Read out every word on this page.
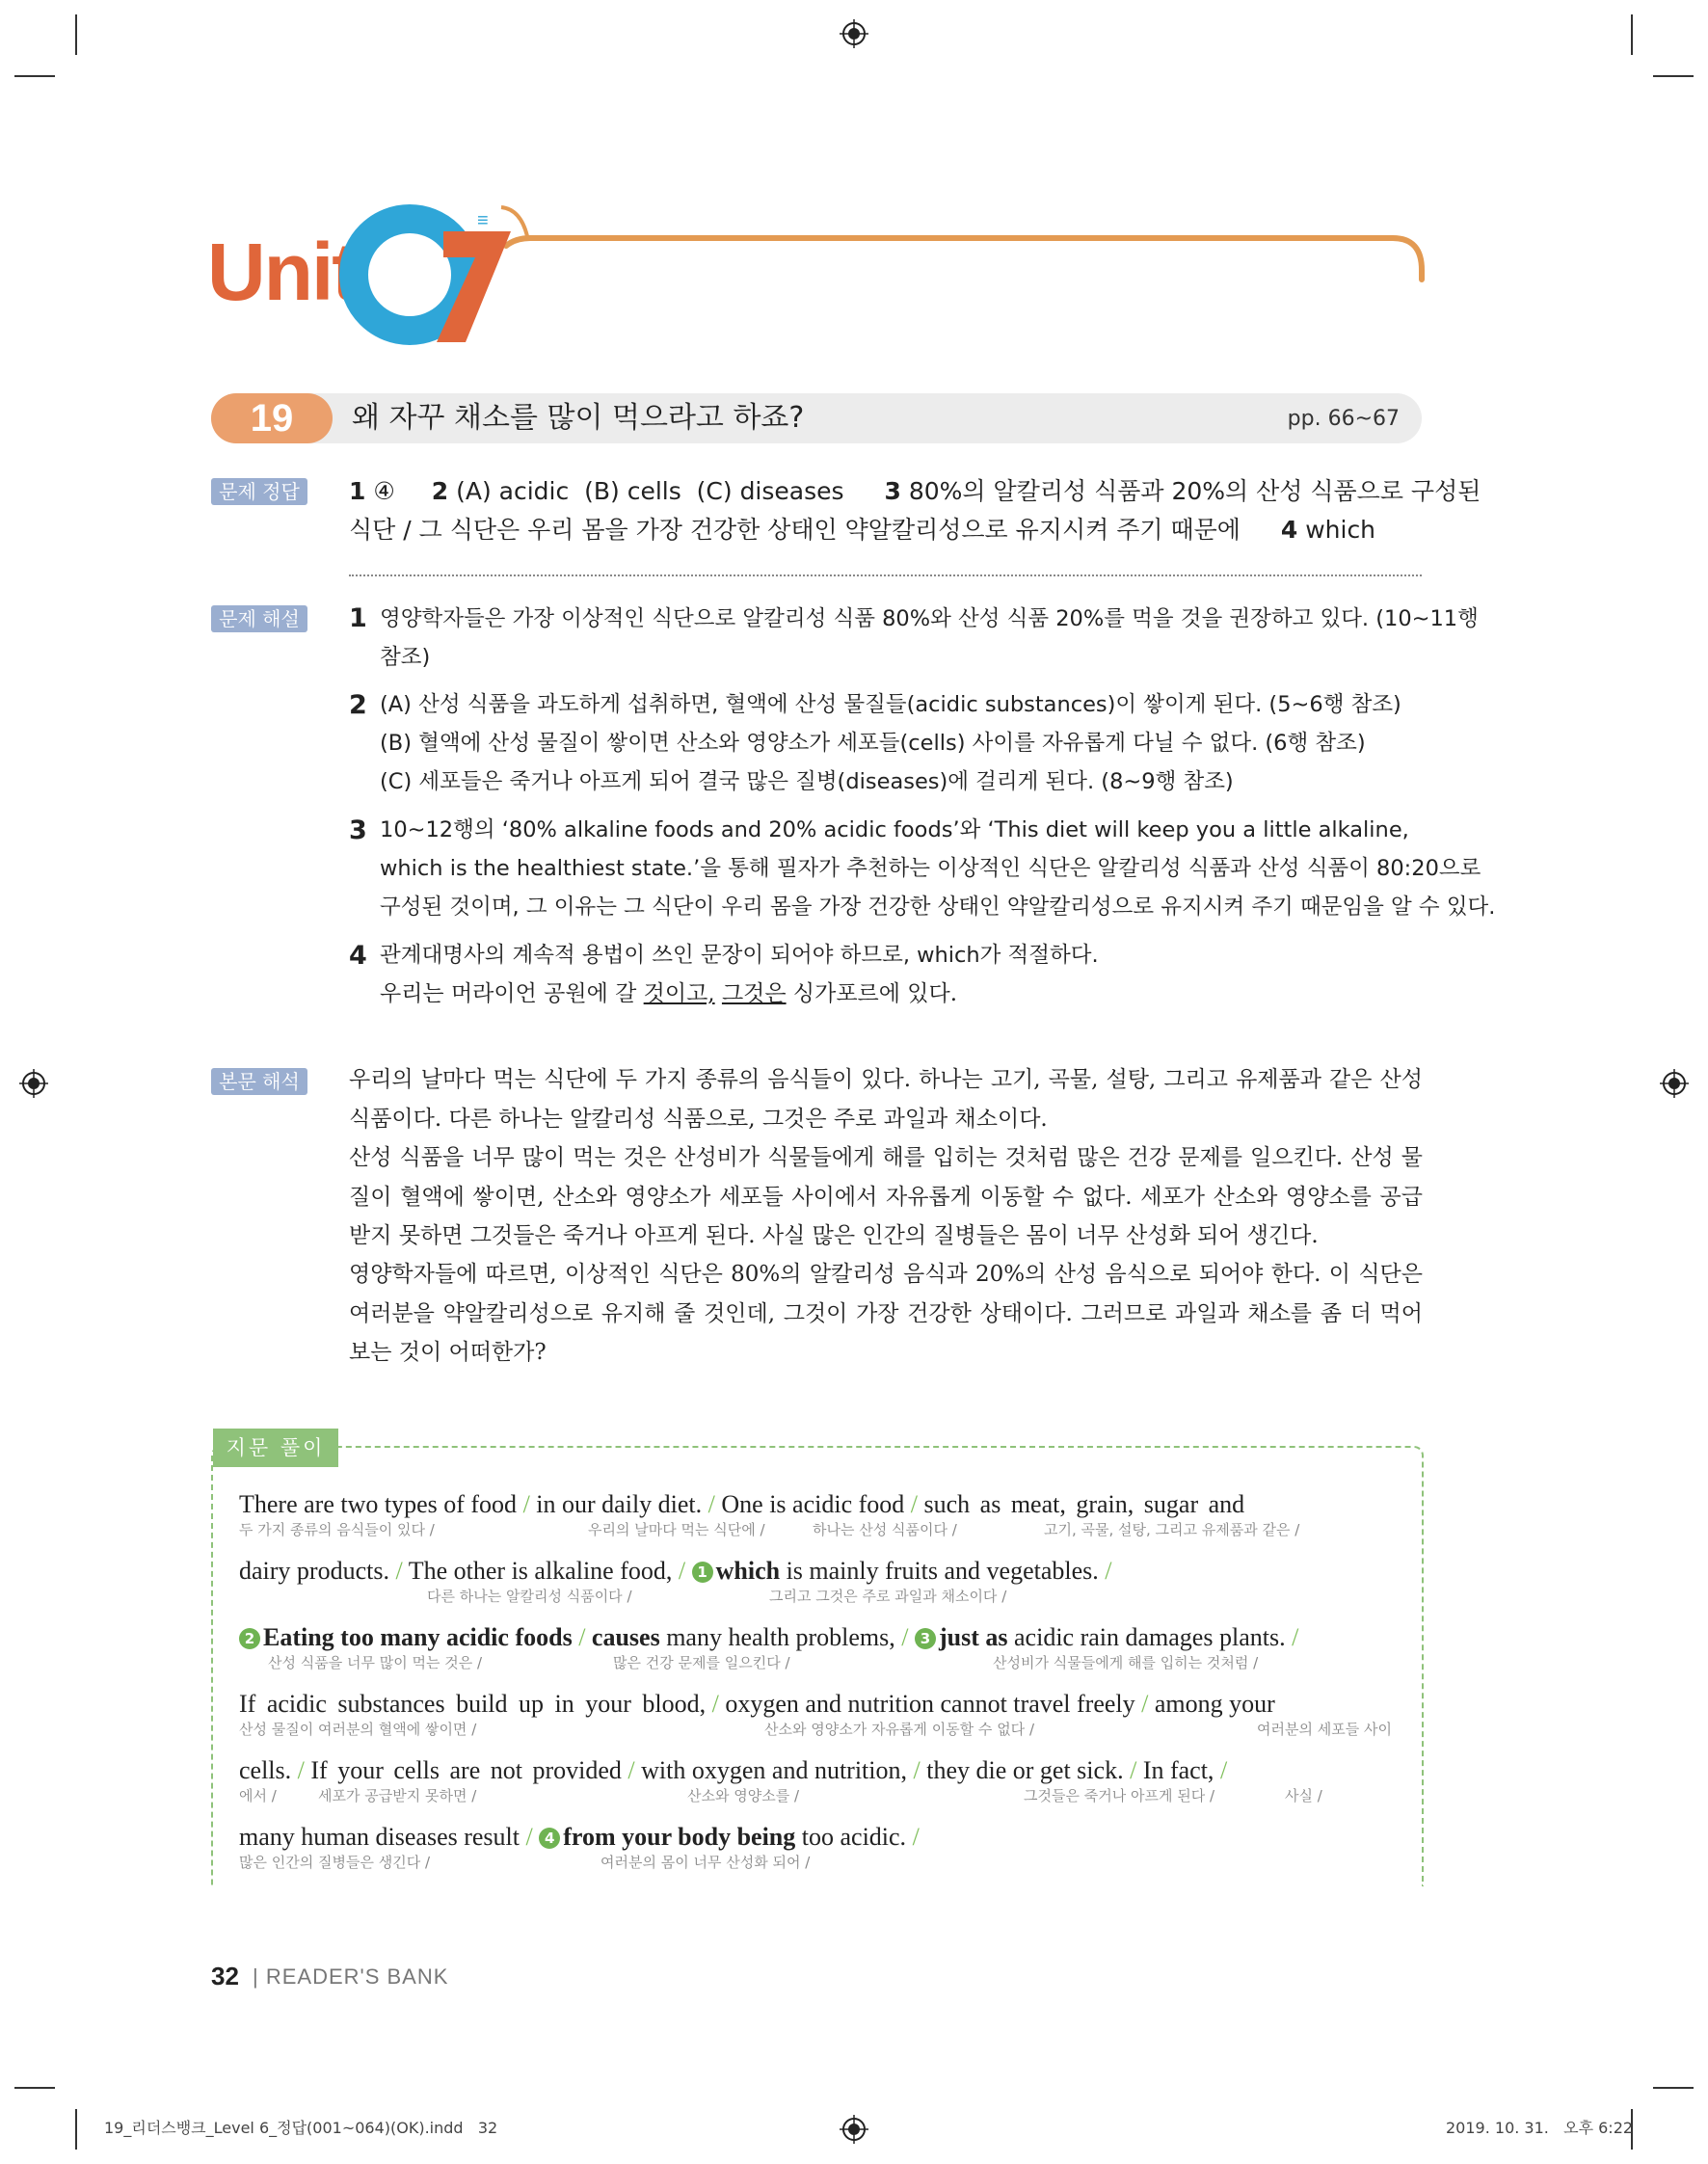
Unit
≡
19	왜 자꾸 채소를 많이 먹으라고 하죠?	pp. 66~67
문제 정답	1 ④ 2 (A) acidic  (B) cells  (C) diseases 3 80%의 알칼리성 식품과 20%의 산성 식품으로 구성된
식단 / 그 식단은 우리 몸을 가장 건강한 상태인 약알칼리성으로 유지시켜 주기 때문에 4 which
문제 해설	1 영양학자들은 가장 이상적인 식단으로 알칼리성 식품 80%와 산성 식품 20%를 먹을 것을 권장하고 있다. (10~11행
참조)
2 (A) 산성 식품을 과도하게 섭취하면, 혈액에 산성 물질들(acidic substances)이 쌓이게 된다. (5~6행 참조)
(B) 혈액에 산성 물질이 쌓이면 산소와 영양소가 세포들(cells) 사이를 자유롭게 다닐 수 없다. (6행 참조)
(C) 세포들은 죽거나 아프게 되어 결국 많은 질병(diseases)에 걸리게 된다. (8~9행 참조)
3 10~12행의 ‘80% alkaline foods and 20% acidic foods’와 ‘This diet will keep you a little alkaline,
which is the healthiest state.’을 통해 필자가 추천하는 이상적인 식단은 알칼리성 식품과 산성 식품이 80:20으로
구성된 것이며, 그 이유는 그 식단이 우리 몸을 가장 건강한 상태인 약알칼리성으로 유지시켜 주기 때문임을 알 수 있다.
4 관계대명사의 계속적 용법이 쓰인 문장이 되어야 하므로, which가 적절하다.
우리는 머라이언 공원에 갈 것이고, 그것은 싱가포르에 있다.
본문 해석	우리의 날마다 먹는 식단에 두 가지 종류의 음식들이 있다. 하나는 고기, 곡물, 설탕, 그리고 유제품과 같은 산성 식품이다. 다른 하나는 알칼리성 식품으로, 그것은 주로 과일과 채소이다.
산성 식품을 너무 많이 먹는 것은 산성비가 식물들에게 해를 입히는 것처럼 많은 건강 문제를 일으킨다. 산성 물질이 혈액에 쌓이면, 산소와 영양소가 세포들 사이에서 자유롭게 이동할 수 없다. 세포가 산소와 영양소를 공급받지 못하면 그것들은 죽거나 아프게 된다. 사실 많은 인간의 질병들은 몸이 너무 산성화 되어 생긴다.
영양학자들에 따르면, 이상적인 식단은 80%의 알칼리성 음식과 20%의 산성 음식으로 되어야 한다. 이 식단은 여러분을 약알칼리성으로 유지해 줄 것인데, 그것이 가장 건강한 상태이다. 그러므로 과일과 채소를 좀 더 먹어 보는 것이 어떠한가?
지문 풀이
There are two types of food / in our daily diet. / One is acidic food / such as meat, grain, sugar and
두 가지 종류의 음식들이 있다 /	우리의 날마다 먹는 식단에 /	하나는 산성 식품이다 /	고기, 곡물, 설탕, 그리고 유제품과 같은 /
dairy products. / The other is alkaline food, / 1 which is mainly fruits and vegetables. /
다른 하나는 알칼리성 식품이다 /	그리고 그것은 주로 과일과 채소이다 /
2 Eating too many acidic foods / causes many health problems, / 3 just as acidic rain damages plants. /
산성 식품을 너무 많이 먹는 것은 /	많은 건강 문제를 일으킨다 /	산성비가 식물들에게 해를 입히는 것처럼 /
If acidic substances build up in your blood, / oxygen and nutrition cannot travel freely / among your
산성 물질이 여러분의 혈액에 쌓이면 /	산소와 영양소가 자유롭게 이동할 수 없다 /	여러분의 세포들 사이
cells. / If your cells are not provided / with oxygen and nutrition, / they die or get sick. / In fact, /
에서 /	세포가 공급받지 못하면 /	산소와 영양소를 /	그것들은 죽거나 아프게 된다 /	사실 /
many human diseases result / 4 from your body being too acidic. /
많은 인간의 질병들은 생긴다 /	여러분의 몸이 너무 산성화 되어 /
32 | READER'S BANK
19_리더스뱅크_Level 6_정답(001~064)(OK).indd   32	2019. 10. 31.   오후 6:22
